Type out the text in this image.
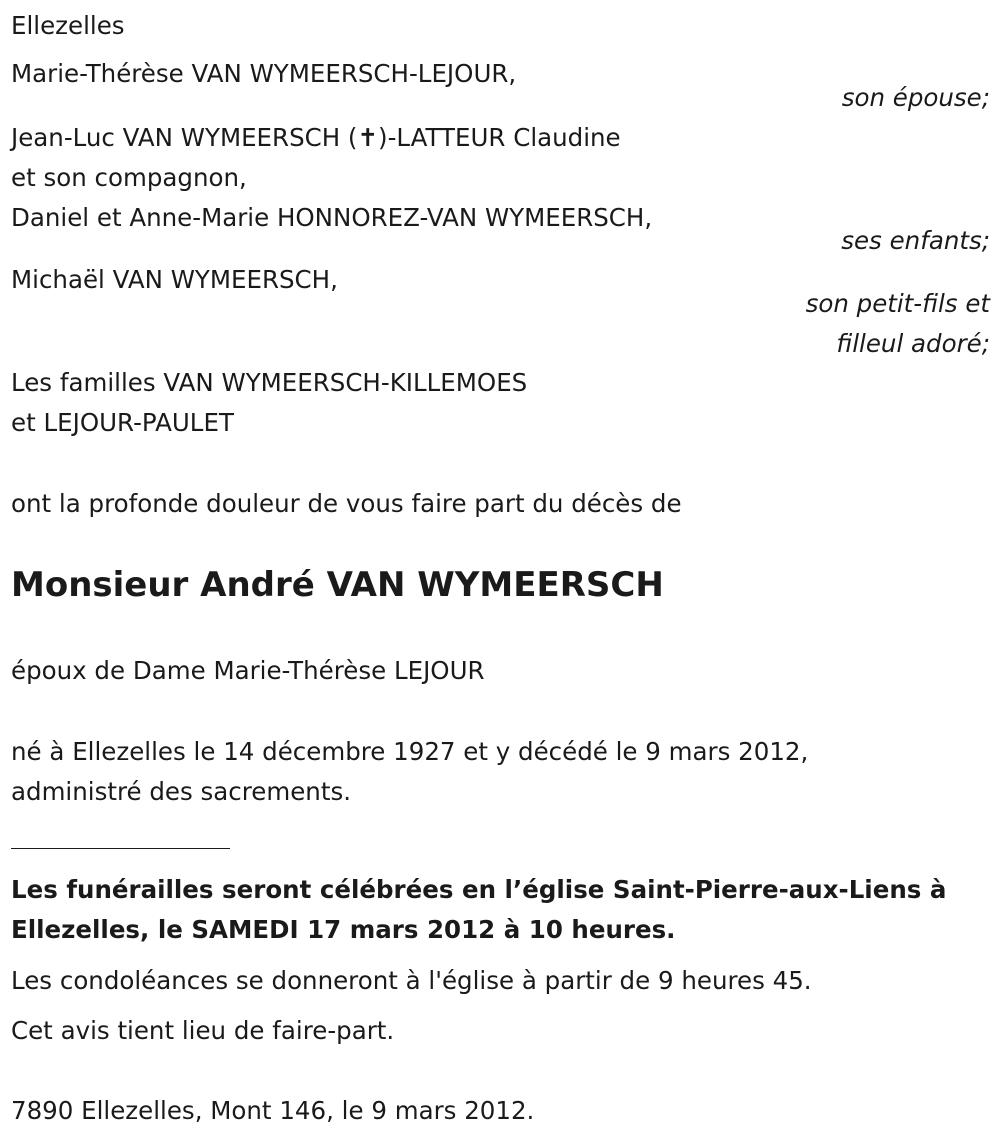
Ellezelles
Marie-Thérèse VAN WYMEERSCH-LEJOUR,
son épouse;
Jean-Luc VAN WYMEERSCH (✝)-LATTEUR Claudine
et son compagnon,
Daniel et Anne-Marie HONNOREZ-VAN WYMEERSCH,
ses enfants;
Michaël VAN WYMEERSCH,
son petit-fils et
filleul adoré;
Les familles VAN WYMEERSCH-KILLEMOES
et LEJOUR-PAULET
ont la profonde douleur de vous faire part du décès de
Monsieur André VAN WYMEERSCH
époux de Dame Marie-Thérèse LEJOUR
né à Ellezelles le 14 décembre 1927 et y décédé le 9 mars 2012,
administré des sacrements.
Les funérailles seront célébrées en l’église Saint-Pierre-aux-Liens à
Ellezelles, le SAMEDI 17 mars 2012 à 10 heures.
Les condoléances se donneront à l'église à partir de 9 heures 45.
Cet avis tient lieu de faire-part.
7890 Ellezelles, Mont 146, le 9 mars 2012.
